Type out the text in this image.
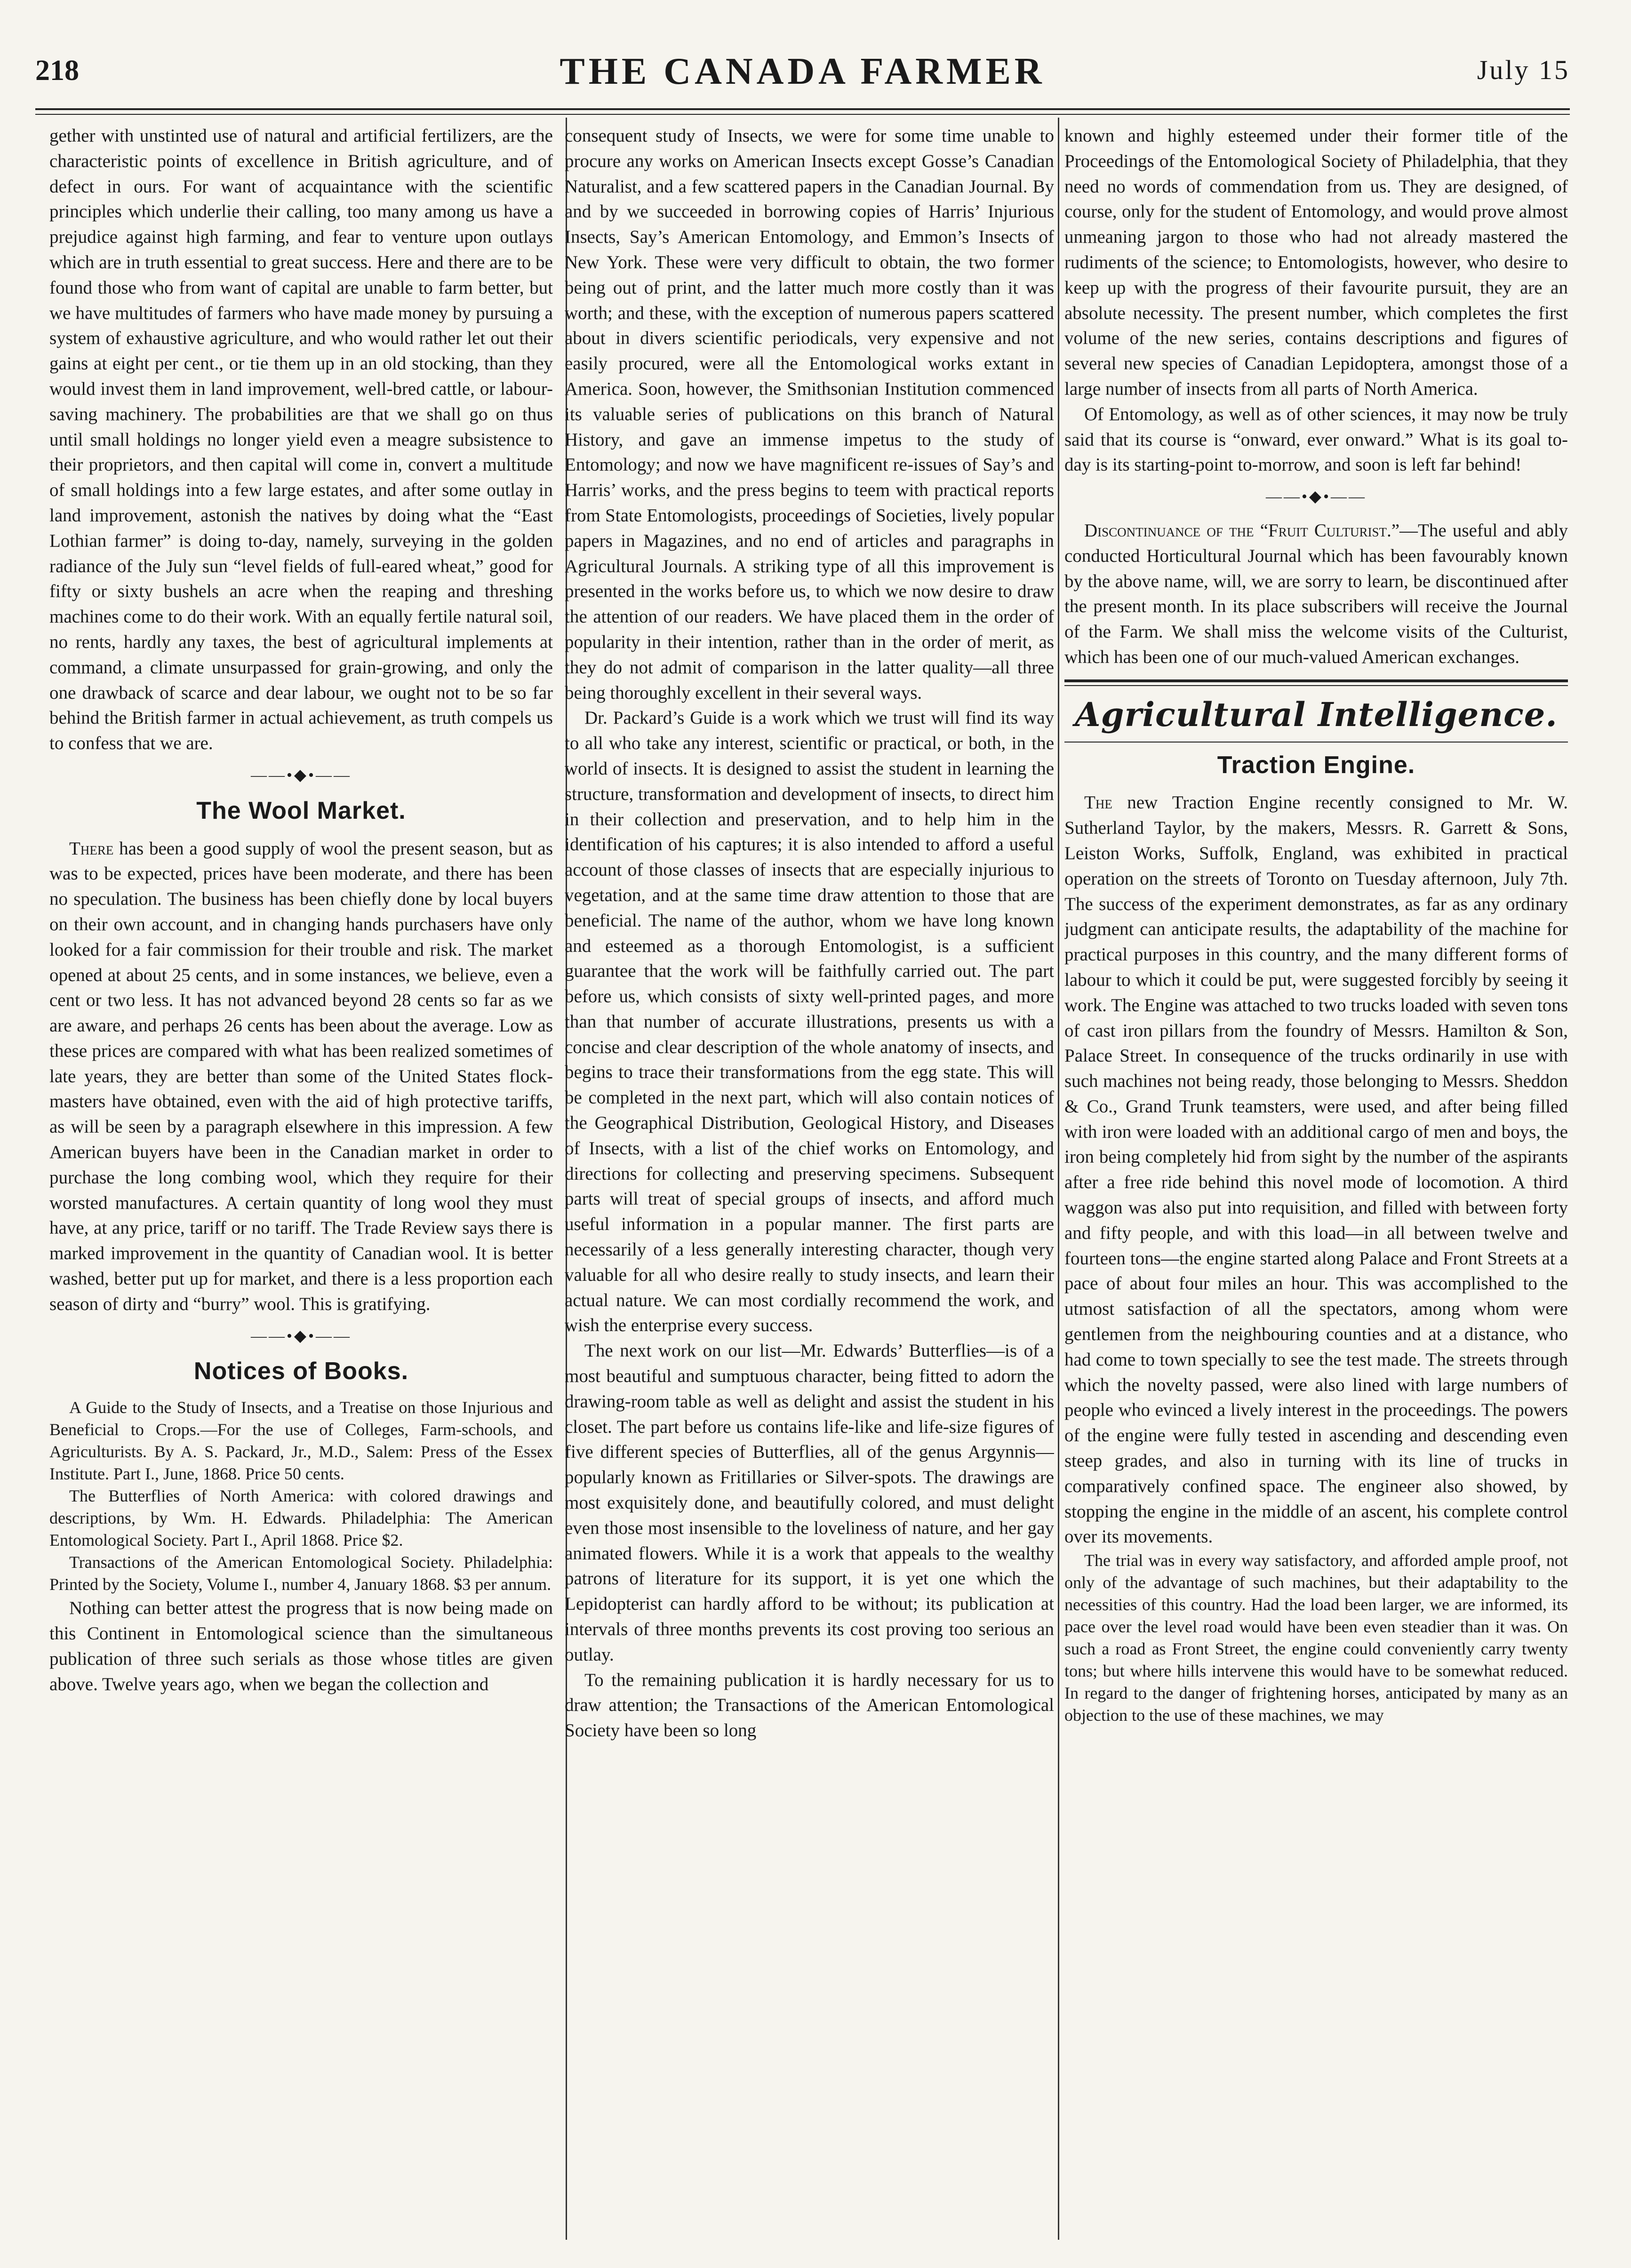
218	THE CANADA FARMER	July 15

gether with unstinted use of natural and artificial fertilizers, are the characteristic points of excellence in British agriculture, and of defect in ours. For want of acquaintance with the scientific principles which underlie their calling, too many among us have a prejudice against high farming, and fear to venture upon outlays which are in truth essential to great success. Here and there are to be found those who from want of capital are unable to farm better, but we have multitudes of farmers who have made money by pursuing a system of exhaustive agriculture, and who would rather let out their gains at eight per cent., or tie them up in an old stocking, than they would invest them in land improvement, well-bred cattle, or labour-saving machinery. The probabilities are that we shall go on thus until small holdings no longer yield even a meagre subsistence to their proprietors, and then capital will come in, convert a multitude of small holdings into a few large estates, and after some outlay in land improvement, astonish the natives by doing what the “East Lothian farmer” is doing to-day, namely, surveying in the golden radiance of the July sun “level fields of full-eared wheat,” good for fifty or sixty bushels an acre when the reaping and threshing machines come to do their work. With an equally fertile natural soil, no rents, hardly any taxes, the best of agricultural implements at command, a climate unsurpassed for grain-growing, and only the one drawback of scarce and dear labour, we ought not to be so far behind the British farmer in actual achievement, as truth compels us to confess that we are.

——•◆•——
The Wool Market.

There has been a good supply of wool the present season, but as was to be expected, prices have been moderate, and there has been no speculation. The business has been chiefly done by local buyers on their own account, and in changing hands purchasers have only looked for a fair commission for their trouble and risk. The market opened at about 25 cents, and in some instances, we believe, even a cent or two less. It has not advanced beyond 28 cents so far as we are aware, and perhaps 26 cents has been about the average. Low as these prices are compared with what has been realized sometimes of late years, they are better than some of the United States flock-masters have obtained, even with the aid of high protective tariffs, as will be seen by a paragraph elsewhere in this impression. A few American buyers have been in the Canadian market in order to purchase the long combing wool, which they require for their worsted manufactures. A certain quantity of long wool they must have, at any price, tariff or no tariff. The Trade Review says there is marked improvement in the quantity of Canadian wool. It is better washed, better put up for market, and there is a less proportion each season of dirty and “burry” wool. This is gratifying.

——•◆•——
Notices of Books.

A Guide to the Study of Insects, and a Treatise on those Injurious and Beneficial to Crops.—For the use of Colleges, Farm-schools, and Agriculturists. By A. S. Packard, Jr., M.D., Salem: Press of the Essex Institute. Part I., June, 1868. Price 50 cents.

The Butterflies of North America: with colored drawings and descriptions, by Wm. H. Edwards. Philadelphia: The American Entomological Society. Part I., April 1868. Price $2.

Transactions of the American Entomological Society. Philadelphia: Printed by the Society, Volume I., number 4, January 1868. $3 per annum.

Nothing can better attest the progress that is now being made on this Continent in Entomological science than the simultaneous publication of three such serials as those whose titles are given above. Twelve years ago, when we began the collection and

consequent study of Insects, we were for some time unable to procure any works on American Insects except Gosse’s Canadian Naturalist, and a few scattered papers in the Canadian Journal. By and by we succeeded in borrowing copies of Harris’ Injurious Insects, Say’s American Entomology, and Emmon’s Insects of New York. These were very difficult to obtain, the two former being out of print, and the latter much more costly than it was worth; and these, with the exception of numerous papers scattered about in divers scientific periodicals, very expensive and not easily procured, were all the Entomological works extant in America. Soon, however, the Smithsonian Institution commenced its valuable series of publications on this branch of Natural History, and gave an immense impetus to the study of Entomology; and now we have magnificent re-issues of Say’s and Harris’ works, and the press begins to teem with practical reports from State Entomologists, proceedings of Societies, lively popular papers in Magazines, and no end of articles and paragraphs in Agricultural Journals. A striking type of all this improvement is presented in the works before us, to which we now desire to draw the attention of our readers. We have placed them in the order of popularity in their intention, rather than in the order of merit, as they do not admit of comparison in the latter quality—all three being thoroughly excellent in their several ways.

Dr. Packard’s Guide is a work which we trust will find its way to all who take any interest, scientific or practical, or both, in the world of insects. It is designed to assist the student in learning the structure, transformation and development of insects, to direct him in their collection and preservation, and to help him in the identification of his captures; it is also intended to afford a useful account of those classes of insects that are especially injurious to vegetation, and at the same time draw attention to those that are beneficial. The name of the author, whom we have long known and esteemed as a thorough Entomologist, is a sufficient guarantee that the work will be faithfully carried out. The part before us, which consists of sixty well-printed pages, and more than that number of accurate illustrations, presents us with a concise and clear description of the whole anatomy of insects, and begins to trace their transformations from the egg state. This will be completed in the next part, which will also contain notices of the Geographical Distribution, Geological History, and Diseases of Insects, with a list of the chief works on Entomology, and directions for collecting and preserving specimens. Subsequent parts will treat of special groups of insects, and afford much useful information in a popular manner. The first parts are necessarily of a less generally interesting character, though very valuable for all who desire really to study insects, and learn their actual nature. We can most cordially recommend the work, and wish the enterprise every success.

The next work on our list—Mr. Edwards’ Butterflies—is of a most beautiful and sumptuous character, being fitted to adorn the drawing-room table as well as delight and assist the student in his closet. The part before us contains life-like and life-size figures of five different species of Butterflies, all of the genus Argynnis—popularly known as Fritillaries or Silver-spots. The drawings are most exquisitely done, and beautifully colored, and must delight even those most insensible to the loveliness of nature, and her gay animated flowers. While it is a work that appeals to the wealthy patrons of literature for its support, it is yet one which the Lepidopterist can hardly afford to be without; its publication at intervals of three months prevents its cost proving too serious an outlay.

To the remaining publication it is hardly necessary for us to draw attention; the Transactions of the American Entomological Society have been so long

known and highly esteemed under their former title of the Proceedings of the Entomological Society of Philadelphia, that they need no words of commendation from us. They are designed, of course, only for the student of Entomology, and would prove almost unmeaning jargon to those who had not already mastered the rudiments of the science; to Entomologists, however, who desire to keep up with the progress of their favourite pursuit, they are an absolute necessity. The present number, which completes the first volume of the new series, contains descriptions and figures of several new species of Canadian Lepidoptera, amongst those of a large number of insects from all parts of North America.

Of Entomology, as well as of other sciences, it may now be truly said that its course is “onward, ever onward.” What is its goal to-day is its starting-point to-morrow, and soon is left far behind!

——•◆•——

Discontinuance of the “Fruit Culturist.”—The useful and ably conducted Horticultural Journal which has been favourably known by the above name, will, we are sorry to learn, be discontinued after the present month. In its place subscribers will receive the Journal of the Farm. We shall miss the welcome visits of the Culturist, which has been one of our much-valued American exchanges.

Agricultural Intelligence.
Traction Engine.

The new Traction Engine recently consigned to Mr. W. Sutherland Taylor, by the makers, Messrs. R. Garrett & Sons, Leiston Works, Suffolk, England, was exhibited in practical operation on the streets of Toronto on Tuesday afternoon, July 7th. The success of the experiment demonstrates, as far as any ordinary judgment can anticipate results, the adaptability of the machine for practical purposes in this country, and the many different forms of labour to which it could be put, were suggested forcibly by seeing it work. The Engine was attached to two trucks loaded with seven tons of cast iron pillars from the foundry of Messrs. Hamilton & Son, Palace Street. In consequence of the trucks ordinarily in use with such machines not being ready, those belonging to Messrs. Sheddon & Co., Grand Trunk teamsters, were used, and after being filled with iron were loaded with an additional cargo of men and boys, the iron being completely hid from sight by the number of the aspirants after a free ride behind this novel mode of locomotion. A third waggon was also put into requisition, and filled with between forty and fifty people, and with this load—in all between twelve and fourteen tons—the engine started along Palace and Front Streets at a pace of about four miles an hour. This was accomplished to the utmost satisfaction of all the spectators, among whom were gentlemen from the neighbouring counties and at a distance, who had come to town specially to see the test made. The streets through which the novelty passed, were also lined with large numbers of people who evinced a lively interest in the proceedings. The powers of the engine were fully tested in ascending and descending even steep grades, and also in turning with its line of trucks in comparatively confined space. The engineer also showed, by stopping the engine in the middle of an ascent, his complete control over its movements.

The trial was in every way satisfactory, and afforded ample proof, not only of the advantage of such machines, but their adaptability to the necessities of this country. Had the load been larger, we are informed, its pace over the level road would have been even steadier than it was. On such a road as Front Street, the engine could conveniently carry twenty tons; but where hills intervene this would have to be somewhat reduced. In regard to the danger of frightening horses, anticipated by many as an objection to the use of these machines, we may
